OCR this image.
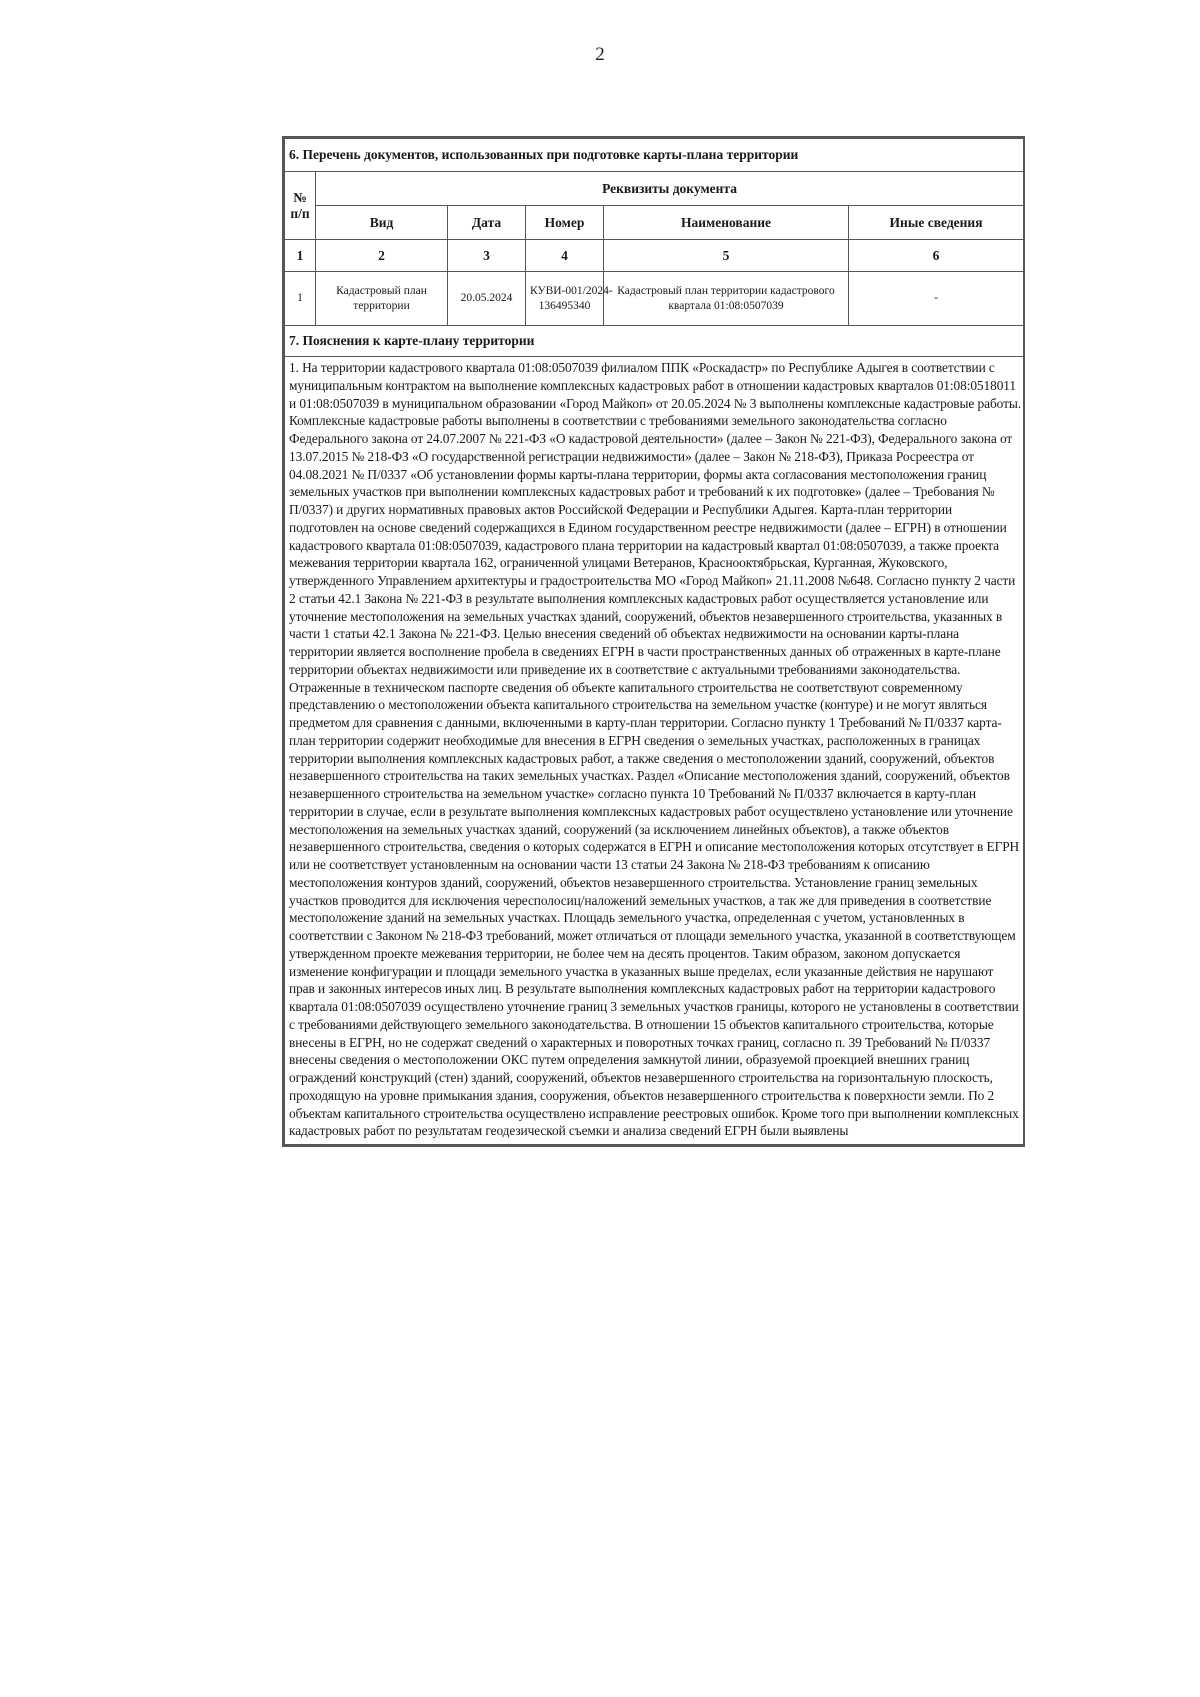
2
6. Перечень документов, использованных при подготовке карты-плана территории					
№ п/п	Реквизиты документа				
	Вид	Дата	Номер	Наименование	Иные сведения
1	2	3	4	5	6
1	Кадастровый план территории	20.05.2024	КУВИ-001/2024-136495340	Кадастровый план территории кадастрового квартала 01:08:0507039	-
7. Пояснения к карте-плану территории					
1. На территории кадастрового квартала 01:08:0507039 филиалом ППК «Роскадастр» по Республике Адыгея в соответствии с муниципальным контрактом на выполнение комплексных кадастровых работ в отношении кадастровых кварталов 01:08:0518011 и 01:08:0507039 в муниципальном образовании «Город Майкоп» от 20.05.2024 № 3 выполнены комплексные кадастровые работы. Комплексные кадастровые работы выполнены в соответствии с требованиями земельного законодательства согласно Федерального закона от 24.07.2007 № 221-ФЗ «О кадастровой деятельности» (далее – Закон № 221-ФЗ), Федерального закона от 13.07.2015 № 218-ФЗ «О государственной регистрации недвижимости» (далее – Закон № 218-ФЗ), Приказа Росреестра от 04.08.2021 № П/0337 «Об установлении формы карты-плана территории, формы акта согласования местоположения границ земельных участков при выполнении комплексных кадастровых работ и требований к их подготовке» (далее – Требования № П/0337) и других нормативных правовых актов Российской Федерации и Республики Адыгея. Карта-план территории подготовлен на основе сведений содержащихся в Едином государственном реестре недвижимости (далее – ЕГРН) в отношении кадастрового квартала 01:08:0507039, кадастрового плана территории на кадастровый квартал 01:08:0507039, а также проекта межевания территории квартала 162, ограниченной улицами Ветеранов, Краснооктябрьская, Курганная, Жуковского, утвержденного Управлением архитектуры и градостроительства МО «Город Майкоп» 21.11.2008 №648. Согласно пункту 2 части 2 статьи 42.1 Закона № 221-ФЗ в результате выполнения комплексных кадастровых работ осуществляется установление или уточнение местоположения на земельных участках зданий, сооружений, объектов незавершенного строительства, указанных в части 1 статьи 42.1 Закона № 221-ФЗ. Целью внесения сведений об объектах недвижимости на основании карты-плана территории является восполнение пробела в сведениях ЕГРН в части пространственных данных об отраженных в карте-плане территории объектах недвижимости или приведение их в соответствие с актуальными требованиями законодательства. Отраженные в техническом паспорте сведения об объекте капитального строительства не соответствуют современному представлению о местоположении объекта капитального строительства на земельном участке (контуре) и не могут являться предметом для сравнения с данными, включенными в карту-план территории. Согласно пункту 1 Требований № П/0337 карта-план территории содержит необходимые для внесения в ЕГРН сведения о земельных участках, расположенных в границах территории выполнения комплексных кадастровых работ, а также сведения о местоположении зданий, сооружений, объектов незавершенного строительства на таких земельных участках. Раздел «Описание местоположения зданий, сооружений, объектов незавершенного строительства на земельном участке» согласно пункта 10 Требований № П/0337 включается в карту-план территории в случае, если в результате выполнения комплексных кадастровых работ осуществлено установление или уточнение местоположения на земельных участках зданий, сооружений (за исключением линейных объектов), а также объектов незавершенного строительства, сведения о которых содержатся в ЕГРН и описание местоположения которых отсутствует в ЕГРН или не соответствует установленным на основании части 13 статьи 24 Закона № 218-ФЗ требованиям к описанию местоположения контуров зданий, сооружений, объектов незавершенного строительства. Установление границ земельных участков проводится для исключения чересполосиц/наложений земельных участков, а так же для приведения в соответствие местоположение зданий на земельных участках. Площадь земельного участка, определенная с учетом, установленных в соответствии с Законом № 218-ФЗ требований, может отличаться от площади земельного участка, указанной в соответствующем утвержденном проекте межевания территории, не более чем на десять процентов. Таким образом, законом допускается изменение конфигурации и площади земельного участка в указанных выше пределах, если указанные действия не нарушают прав и законных интересов иных лиц. В результате выполнения комплексных кадастровых работ на территории кадастрового квартала 01:08:0507039 осуществлено уточнение границ 3 земельных участков границы, которого не установлены в соответствии с требованиями действующего земельного законодательства. В отношении 15 объектов капитального строительства, которые внесены в ЕГРН, но не содержат сведений о характерных и поворотных точках границ, согласно п. 39 Требований № П/0337 внесены сведения о местоположении ОКС путем определения замкнутой линии, образуемой проекцией внешних границ ограждений конструкций (стен) зданий, сооружений, объектов незавершенного строительства на горизонтальную плоскость, проходящую на уровне примыкания здания, сооружения, объектов незавершенного строительства к поверхности земли. По 2 объектам капитального строительства осуществлено исправление реестровых ошибок. Кроме того при выполнении комплексных кадастровых работ по результатам геодезической съемки и анализа сведений ЕГРН были выявлены					
